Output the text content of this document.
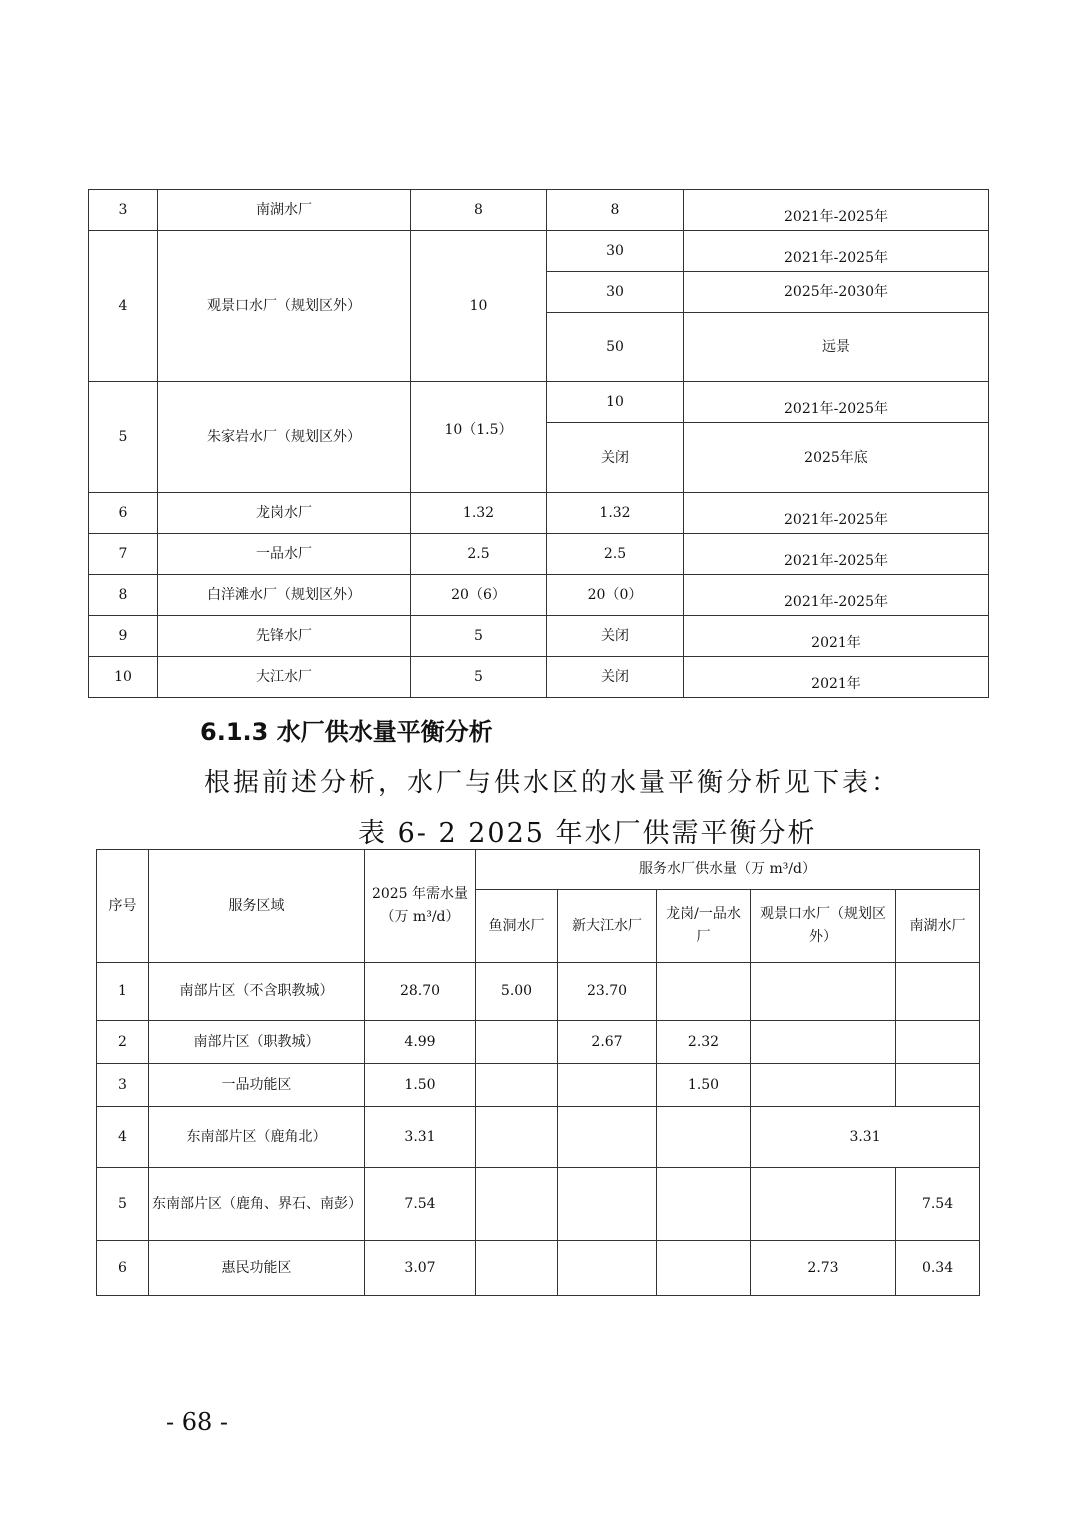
3	南湖水厂	8	8	2021年-2025年
4	观景口水厂（规划区外）	10	30	2021年-2025年
			30	2025年-2030年
			50	远景
5	朱家岩水厂（规划区外）	10（1.5）	10	2021年-2025年
			关闭	2025年底
6	龙岗水厂	1.32	1.32	2021年-2025年
7	一品水厂	2.5	2.5	2021年-2025年
8	白洋滩水厂（规划区外）	20（6）	20（0）	2021年-2025年
9	先锋水厂	5	关闭	2021年
10	大江水厂	5	关闭	2021年
6.1.3 水厂供水量平衡分析
根据前述分析，水厂与供水区的水量平衡分析见下表：
表 6- 2 2025 年水厂供需平衡分析
序号	服务区域	2025 年需水量（万 m³/d）	服务水厂供水量（万 m³/d）				
			鱼洞水厂	新大江水厂	龙岗/一品水厂	观景口水厂（规划区外）	南湖水厂
1	南部片区（不含职教城）	28.70	5.00	23.70			
2	南部片区（职教城）	4.99		2.67	2.32		
3	一品功能区	1.50			1.50		
4	东南部片区（鹿角北）	3.31				3.31	
5	东南部片区（鹿角、界石、南彭）	7.54					7.54
6	惠民功能区	3.07				2.73	0.34
- 68 -
